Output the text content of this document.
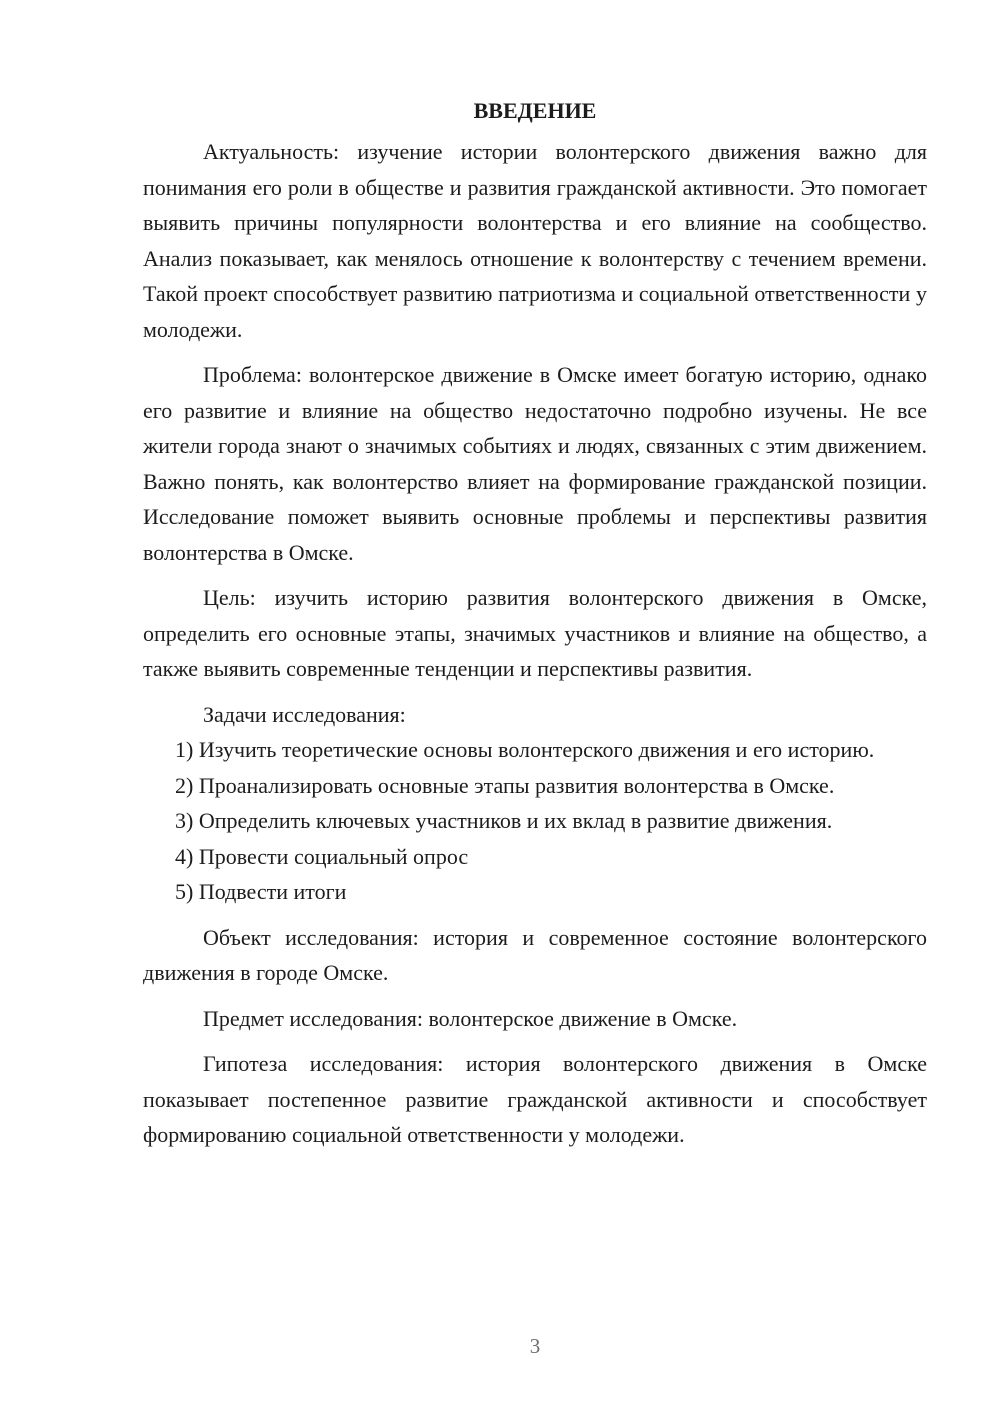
ВВЕДЕНИЕ

Актуальность: изучение истории волонтерского движения важно для понимания его роли в обществе и развития гражданской активности. Это помогает выявить причины популярности волонтерства и его влияние на сообщество. Анализ показывает, как менялось отношение к волонтерству с течением времени. Такой проект способствует развитию патриотизма и социальной ответственности у молодежи.

Проблема: волонтерское движение в Омске имеет богатую историю, однако его развитие и влияние на общество недостаточно подробно изучены. Не все жители города знают о значимых событиях и людях, связанных с этим движением. Важно понять, как волонтерство влияет на формирование гражданской позиции. Исследование поможет выявить основные проблемы и перспективы развития волонтерства в Омске.

Цель: изучить историю развития волонтерского движения в Омске, определить его основные этапы, значимых участников и влияние на общество, а также выявить современные тенденции и перспективы развития.

Задачи исследования:

1) Изучить теоретические основы волонтерского движения и его историю.

2) Проанализировать основные этапы развития волонтерства в Омске.

3) Определить ключевых участников и их вклад в развитие движения.

4) Провести социальный опрос

5) Подвести итоги

Объект исследования: история и современное состояние волонтерского движения в городе Омске.

Предмет исследования: волонтерское движение в Омске.

Гипотеза исследования: история волонтерского движения в Омске показывает постепенное развитие гражданской активности и способствует формированию социальной ответственности у молодежи.

3
